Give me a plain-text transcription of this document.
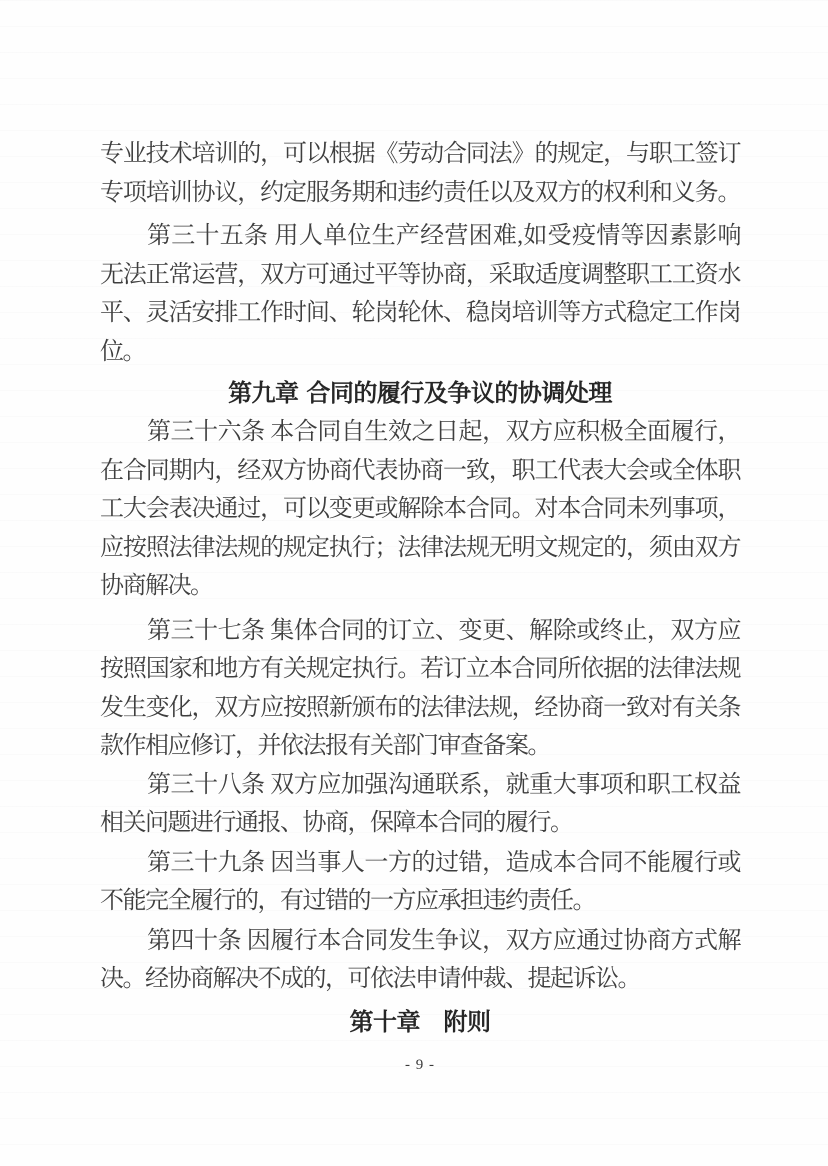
专业技术培训的，可以根据《劳动合同法》的规定，与职工签订

专项培训协议，约定服务期和违约责任以及双方的权利和义务。

第三十五条 用人单位生产经营困难,如受疫情等因素影响

无法正常运营，双方可通过平等协商，采取适度调整职工工资水

平、灵活安排工作时间、轮岗轮休、稳岗培训等方式稳定工作岗

位。

第九章 合同的履行及争议的协调处理

第三十六条 本合同自生效之日起，双方应积极全面履行，

在合同期内，经双方协商代表协商一致，职工代表大会或全体职

工大会表决通过，可以变更或解除本合同。对本合同未列事项，

应按照法律法规的规定执行；法律法规无明文规定的，须由双方

协商解决。

第三十七条 集体合同的订立、变更、解除或终止，双方应

按照国家和地方有关规定执行。若订立本合同所依据的法律法规

发生变化，双方应按照新颁布的法律法规，经协商一致对有关条

款作相应修订，并依法报有关部门审查备案。

第三十八条 双方应加强沟通联系，就重大事项和职工权益

相关问题进行通报、协商，保障本合同的履行。

第三十九条 因当事人一方的过错，造成本合同不能履行或

不能完全履行的，有过错的一方应承担违约责任。

第四十条 因履行本合同发生争议，双方应通过协商方式解

决。经协商解决不成的，可依法申请仲裁、提起诉讼。

第十章　附则
- 9 -
